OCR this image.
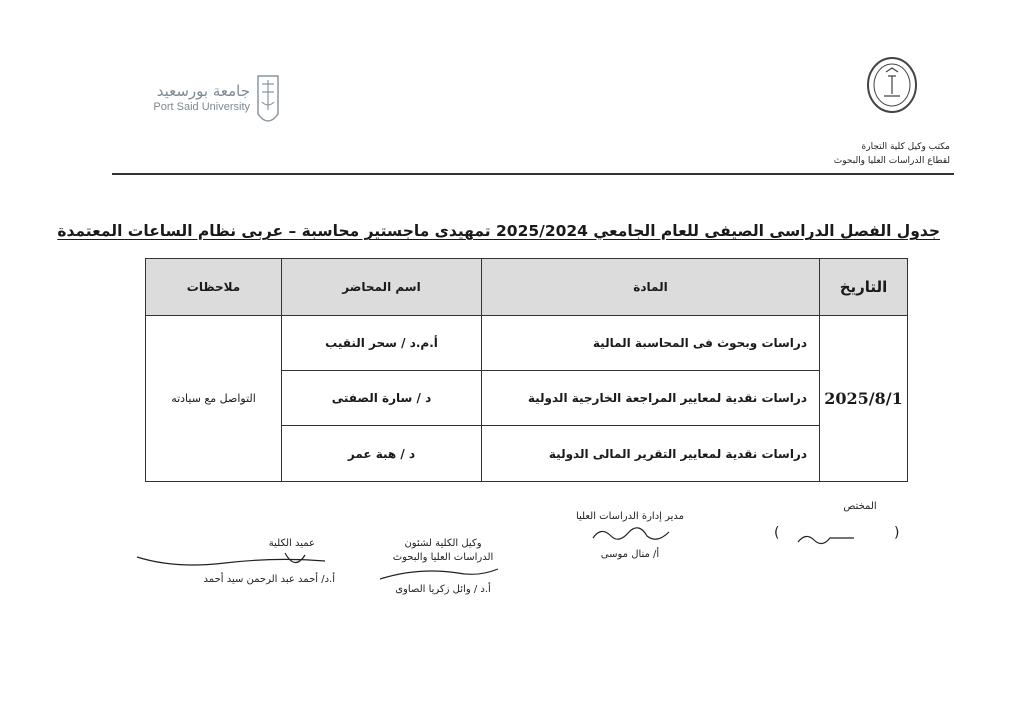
جامعة بورسعيد
Port Said University
مكتب وكيل كلية التجارة
لقطاع الدراسات العليا والبحوث
جدول الفصل الدراسى الصيفى للعام الجامعي 2025/2024 تمهيدى ماجستير محاسبة – عربى نظام الساعات المعتمدة
التاريخ	المادة	اسم المحاضر	ملاحظات
2025/8/1	دراسات وبحوث فى المحاسبة المالية	أ.م.د / سحر النقيب	التواصل مع سيادته
	دراسات نقدية لمعايير المراجعة الخارجية الدولية	د / سارة الصفتى	
	دراسات نقدية لمعايير التقرير المالى الدولية	د / هبة عمر	
المختص
(	)
مدير إدارة الدراسات العليا
أ/ منال موسى
وكيل الكلية لشئون
الدراسات العليا والبحوث
أ.د / وائل زكريا الصاوى
عميد الكلية
أ.د/ أحمد عبد الرحمن سيد أحمد
